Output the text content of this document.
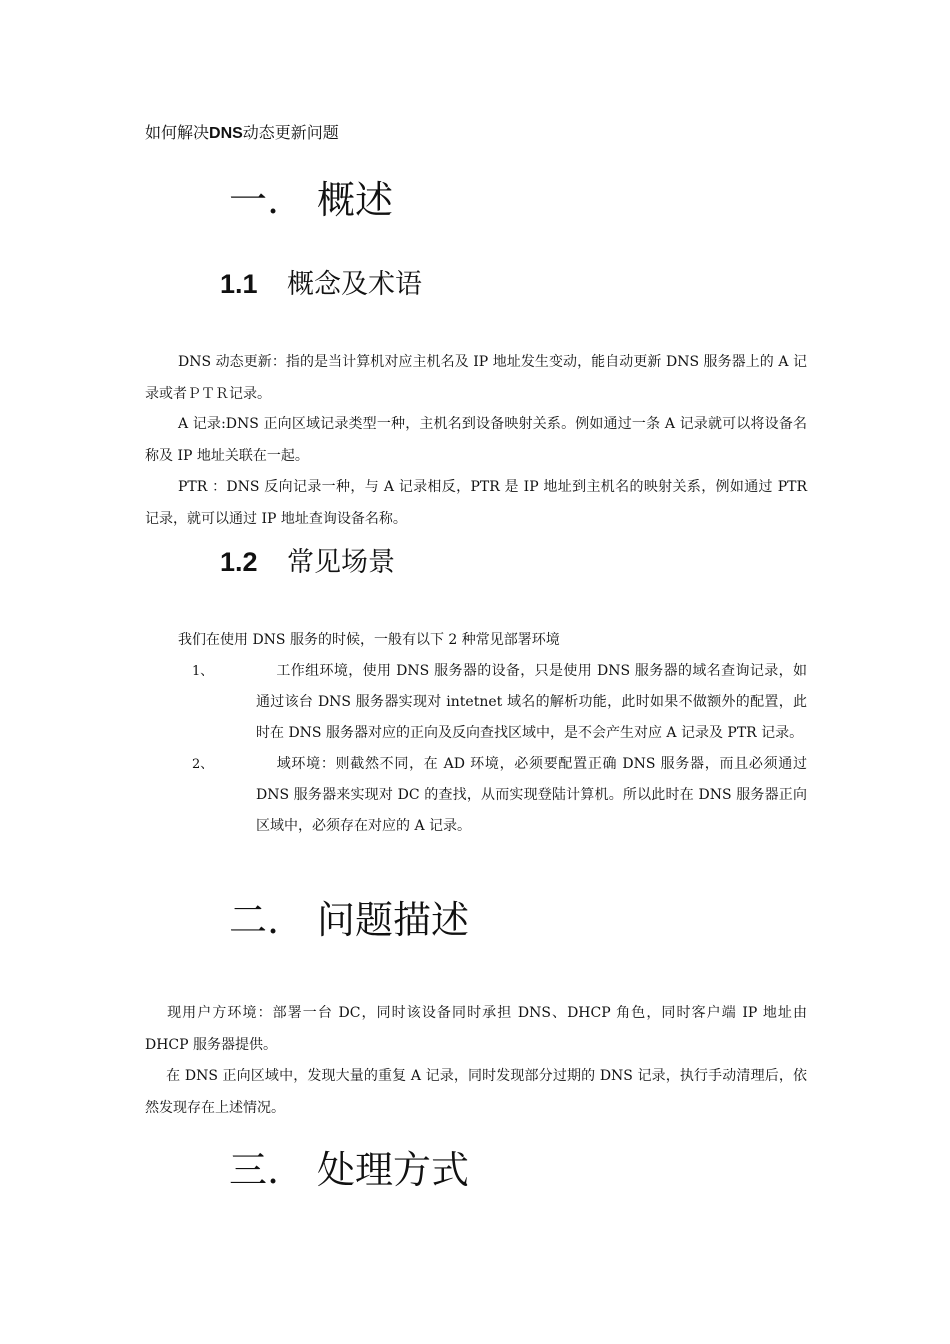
如何解决DNS动态更新问题
一. 概述
1.1 概念及术语
DNS 动态更新：指的是当计算机对应主机名及 IP 地址发生变动，能自动更新 DNS 服务器上的 A 记录或者ＰＴＲ记录。
A 记录:DNS 正向区域记录类型一种，主机名到设备映射关系。例如通过一条 A 记录就可以将设备名称及 IP 地址关联在一起。
PTR ：DNS 反向记录一种，与 A 记录相反，PTR 是 IP 地址到主机名的映射关系，例如通过 PTR 记录，就可以通过 IP 地址查询设备名称。
1.2 常见场景
我们在使用 DNS 服务的时候，一般有以下 2 种常见部署环境
1、	工作组环境，使用 DNS 服务器的设备，只是使用 DNS 服务器的域名查询记录，如通过该台 DNS 服务器实现对 intetnet 域名的解析功能，此时如果不做额外的配置，此时在 DNS 服务器对应的正向及反向查找区域中，是不会产生对应 A 记录及 PTR 记录。
2、	域环境：则截然不同，在 AD 环境，必须要配置正确 DNS 服务器，而且必须通过 DNS 服务器来实现对 DC 的查找，从而实现登陆计算机。所以此时在 DNS 服务器正向区域中，必须存在对应的 A 记录。
二. 问题描述
现用户方环境：部署一台 DC，同时该设备同时承担 DNS、DHCP 角色，同时客户端 IP 地址由 DHCP 服务器提供。
在 DNS 正向区域中，发现大量的重复 A 记录，同时发现部分过期的 DNS 记录，执行手动清理后，依然发现存在上述情况。
三. 处理方式
